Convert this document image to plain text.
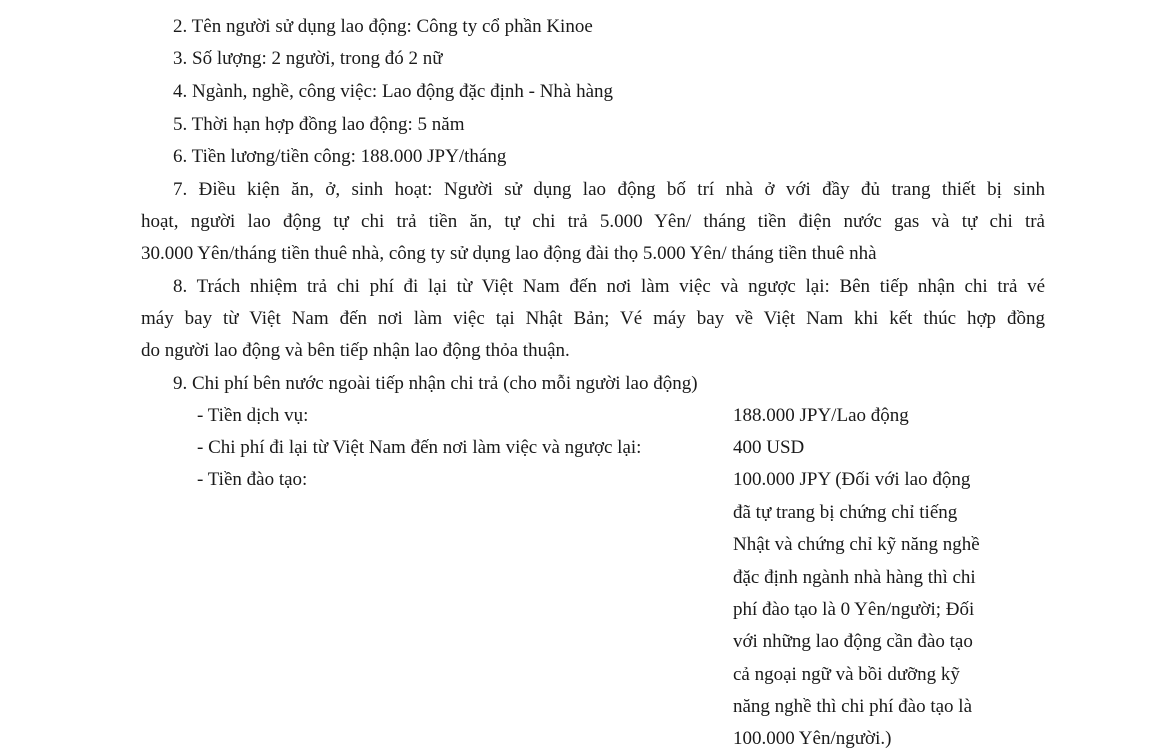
2. Tên người sử dụng lao động: Công ty cổ phần Kinoe
3. Số lượng: 2 người, trong đó 2 nữ
4. Ngành, nghề, công việc: Lao động đặc định - Nhà hàng
5. Thời hạn hợp đồng lao động: 5 năm
6. Tiền lương/tiền công: 188.000 JPY/tháng
7. Điều kiện ăn, ở, sinh hoạt: Người sử dụng lao động bố trí nhà ở với đầy đủ trang thiết bị sinh
hoạt, người lao động tự chi trả tiền ăn, tự chi trả 5.000 Yên/ tháng tiền điện nước gas và tự chi trả
30.000 Yên/tháng tiền thuê nhà, công ty sử dụng lao động đài thọ 5.000 Yên/ tháng tiền thuê nhà
8. Trách nhiệm trả chi phí đi lại từ Việt Nam đến nơi làm việc và ngược lại: Bên tiếp nhận chi trả vé
máy bay từ Việt Nam đến nơi làm việc tại Nhật Bản; Vé máy bay về Việt Nam khi kết thúc hợp đồng
do người lao động và bên tiếp nhận lao động thỏa thuận.
9. Chi phí bên nước ngoài tiếp nhận chi trả (cho mỗi người lao động)
- Tiền dịch vụ:	188.000 JPY/Lao động
- Chi phí đi lại từ Việt Nam đến nơi làm việc và ngược lại:	400 USD
- Tiền đào tạo:	100.000 JPY (Đối với lao động
đã tự trang bị chứng chỉ tiếng
Nhật và chứng chỉ kỹ năng nghề
đặc định ngành nhà hàng thì chi
phí đào tạo là 0 Yên/người; Đối
với những lao động cần đào tạo
cả ngoại ngữ và bồi dưỡng kỹ
năng nghề thì chi phí đào tạo là
100.000 Yên/người.)
